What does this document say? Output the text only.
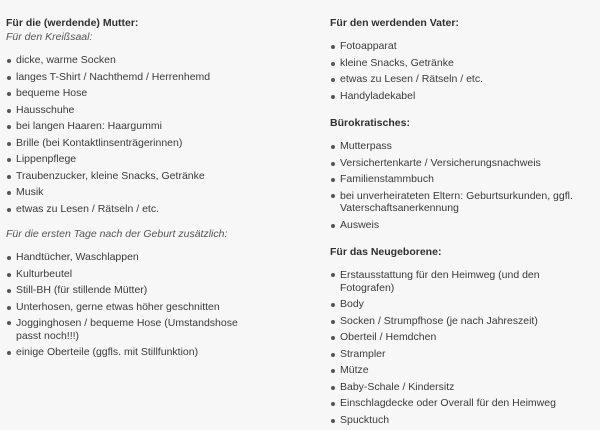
Für die (werdende) Mutter:

Für den Kreißsaal:

dicke, warme Socken
langes T-Shirt / Nachthemd / Herrenhemd
bequeme Hose
Hausschuhe
bei langen Haaren: Haargummi
Brille (bei Kontaktlinsenträgerinnen)
Lippenpflege
Traubenzucker, kleine Snacks, Getränke
Musik
etwas zu Lesen / Rätseln / etc.

Für die ersten Tage nach der Geburt zusätzlich:

Handtücher, Waschlappen
Kulturbeutel
Still-BH (für stillende Mütter)
Unterhosen, gerne etwas höher geschnitten
Jogginghosen / bequeme Hose (Umstandshose passt noch!!!)
einige Oberteile (ggfls. mit Stillfunktion)

Für den werdenden Vater:

Fotoapparat
kleine Snacks, Getränke
etwas zu Lesen / Rätseln / etc.
Handyladekabel

Bürokratisches:

Mutterpass
Versichertenkarte / Versicherungsnachweis
Familienstammbuch
bei unverheirateten Eltern: Geburtsurkunden, ggfl. Vaterschaftsanerkennung
Ausweis

Für das Neugeborene:

Erstausstattung für den Heimweg (und den Fotografen)
Body
Socken / Strumpfhose (je nach Jahreszeit)
Oberteil / Hemdchen
Strampler
Mütze
Baby-Schale / Kindersitz
Einschlagdecke oder Overall für den Heimweg
Spucktuch
